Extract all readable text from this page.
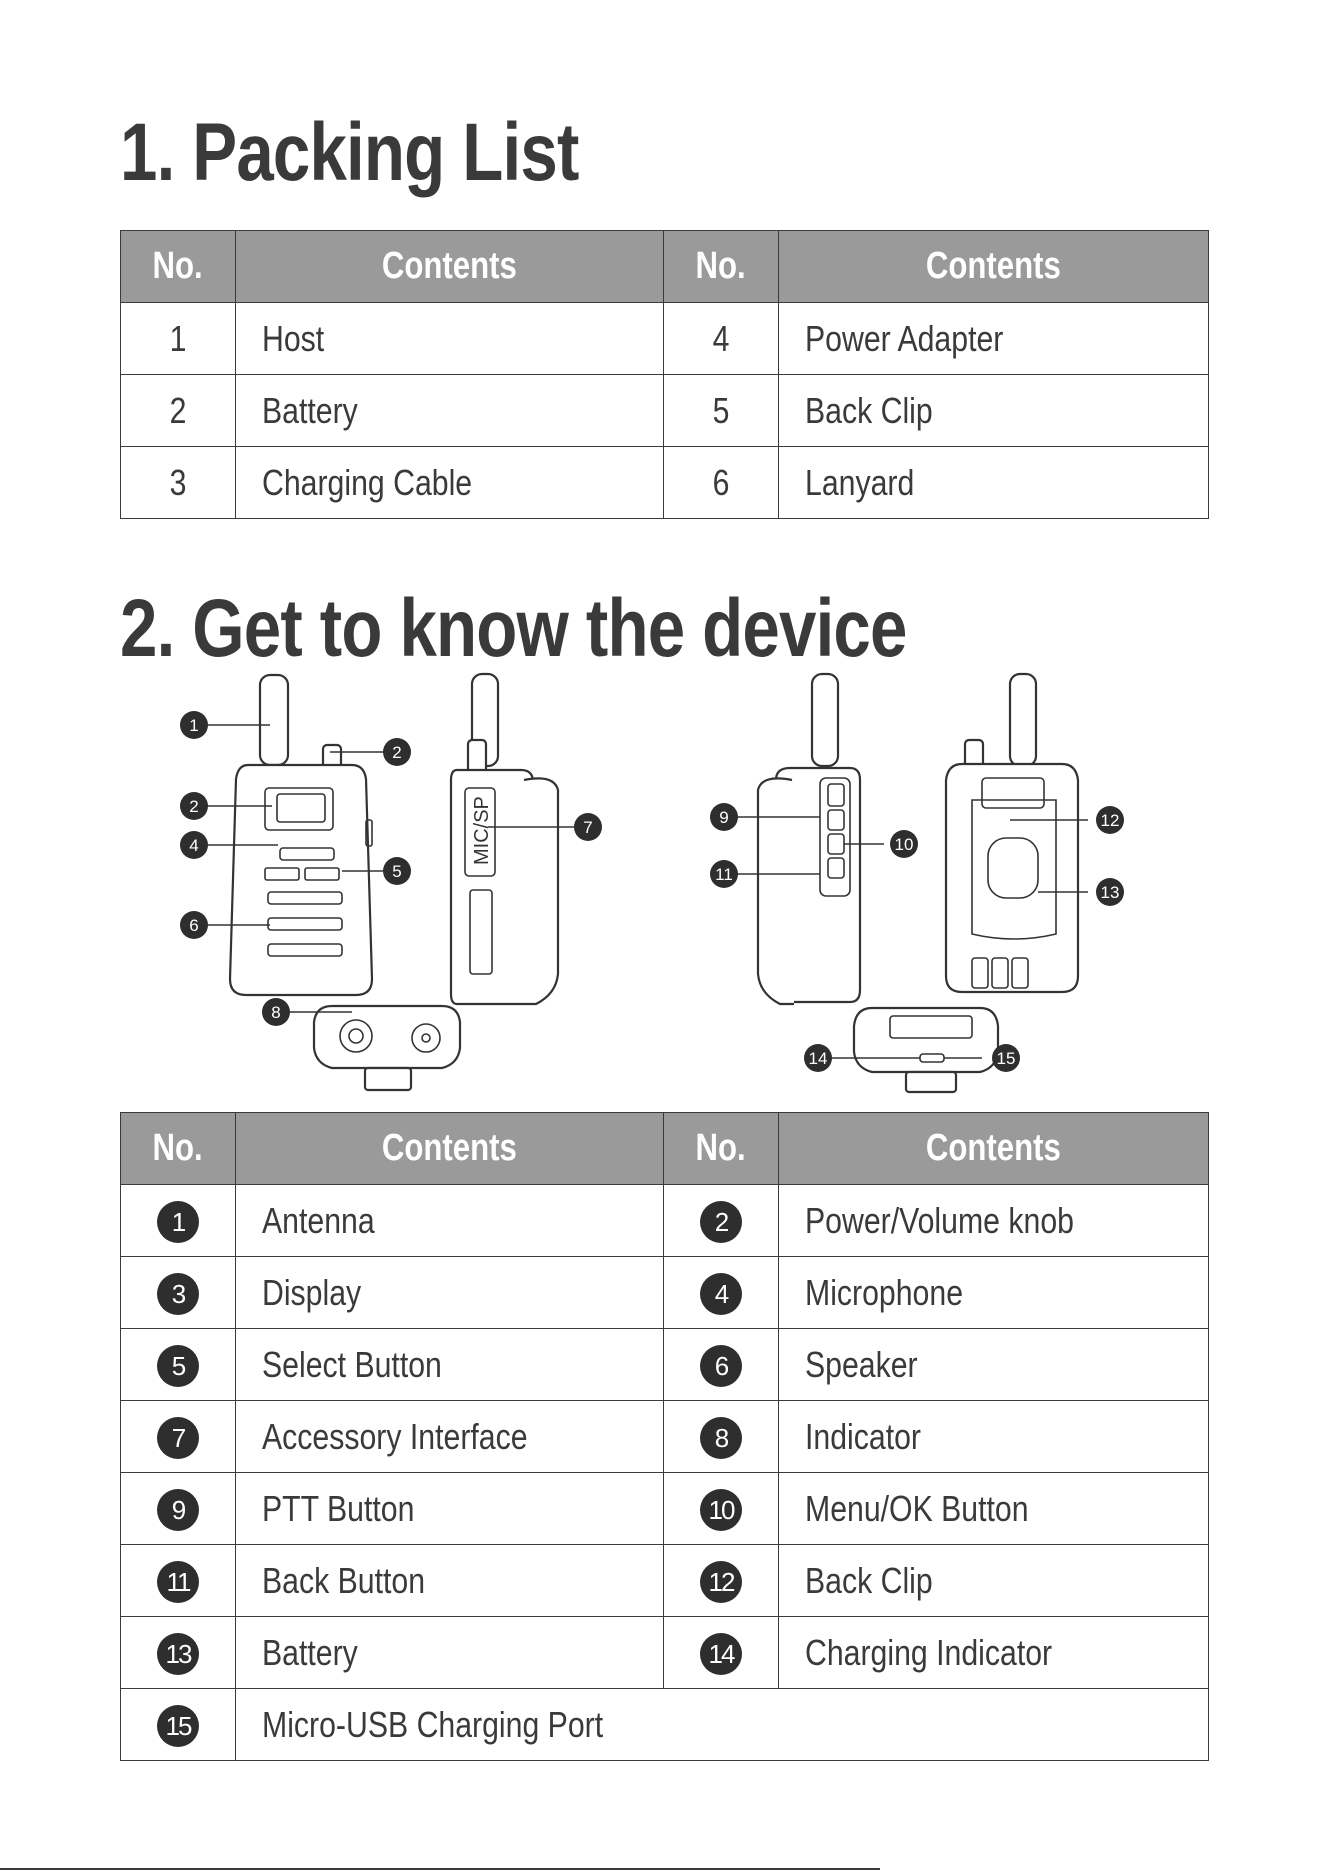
1. Packing List
No.	Contents	No.	Contents
1	Host	4	Power Adapter
2	Battery	5	Back Clip
3	Charging Cable	6	Lanyard
2. Get to know the device
MIC/SP
1
2
2
4
5
6
7
8
9
10
11
12
13
14	15
No.	Contents	No.	Contents
1	Antenna	2	Power/Volume knob
3	Display	4	Microphone
5	Select Button	6	Speaker
7	Accessory Interface	8	Indicator
9	PTT Button	10	Menu/OK Button
11	Back Button	12	Back Clip
13	Battery	14	Charging Indicator
15	Micro-USB Charging Port		
